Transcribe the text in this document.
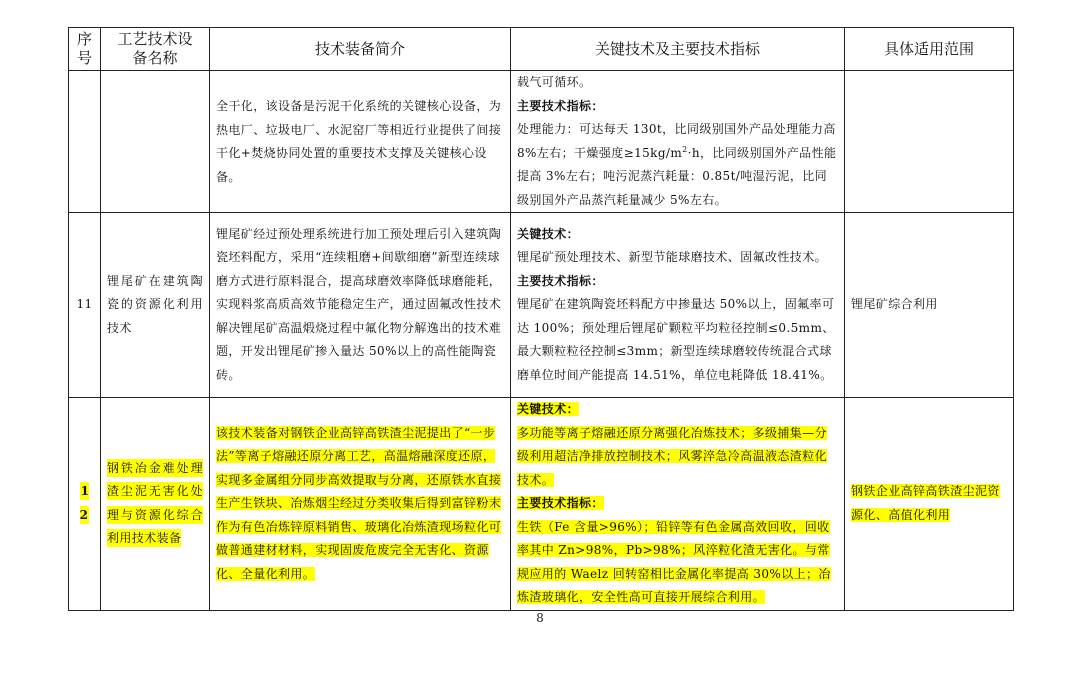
序号	工艺技术设备名称	技术装备简介	关键技术及主要技术指标	具体适用范围
		全干化，该设备是污泥干化系统的关键核心设备，为热电厂、垃圾电厂、水泥窑厂等相近行业提供了间接干化+焚烧协同处置的重要技术支撑及关键核心设备。	载气可循环。
主要技术指标：
处理能力：可达每天 130t，比同级别国外产品处理能力高 8%左右；干燥强度$\ge 15kg/m^2\cdot h$，比同级别国外产品性能提高 3%左右；吨污泥蒸汽耗量：0.85t/吨湿污泥，比同级别国外产品蒸汽耗量减少 5%左右。	

11	锂尾矿在建筑陶瓷的资源化利用技术	锂尾矿经过预处理系统进行加工预处理后引入建筑陶瓷坯料配方，采用“连续粗磨+间歇细磨”新型连续球磨方式进行原料混合，提高球磨效率降低球磨能耗，实现料浆高质高效节能稳定生产，通过固氟改性技术解决锂尾矿高温煅烧过程中氟化物分解逸出的技术难题，开发出锂尾矿掺入量达 50%以上的高性能陶瓷砖。	关键技术：
锂尾矿预处理技术、新型节能球磨技术、固氟改性技术。
主要技术指标：
锂尾矿在建筑陶瓷坯料配方中掺量达 50%以上，固氟率可达 100%；预处理后锂尾矿颗粒平均粒径控制≤0.5mm、最大颗粒粒径控制≤3mm；新型连续球磨较传统混合式球磨单位时间产能提高 14.51%，单位电耗降低 18.41%。	锂尾矿综合利用
12	钢铁冶金难处理渣尘泥无害化处理与资源化综合利用技术装备	该技术装备对钢铁企业高锌高铁渣尘泥提出了“一步法”等离子熔融还原分离工艺，高温熔融深度还原，实现多金属组分同步高效提取与分离，还原铁水直接生产生铁块、冶炼烟尘经过分类收集后得到富锌粉末作为有色冶炼锌原料销售、玻璃化冶炼渣现场粒化可做普通建材材料，实现固废危废完全无害化、资源化、全量化利用。	关键技术：
多功能等离子熔融还原分离强化冶炼技术；多级捕集—分级利用超洁净排放控制技术；风雾淬急冷高温液态渣粒化技术。
主要技术指标：
生铁（Fe 含量>96%）；铅锌等有色金属高效回收，回收率其中 Zn>98%，Pb>98%；风淬粒化渣无害化。与常规应用的 Waelz 回转窑相比金属化率提高 30%以上；冶炼渣玻璃化，安全性高可直接开展综合利用。	钢铁企业高锌高铁渣尘泥资源化、高值化利用
8
